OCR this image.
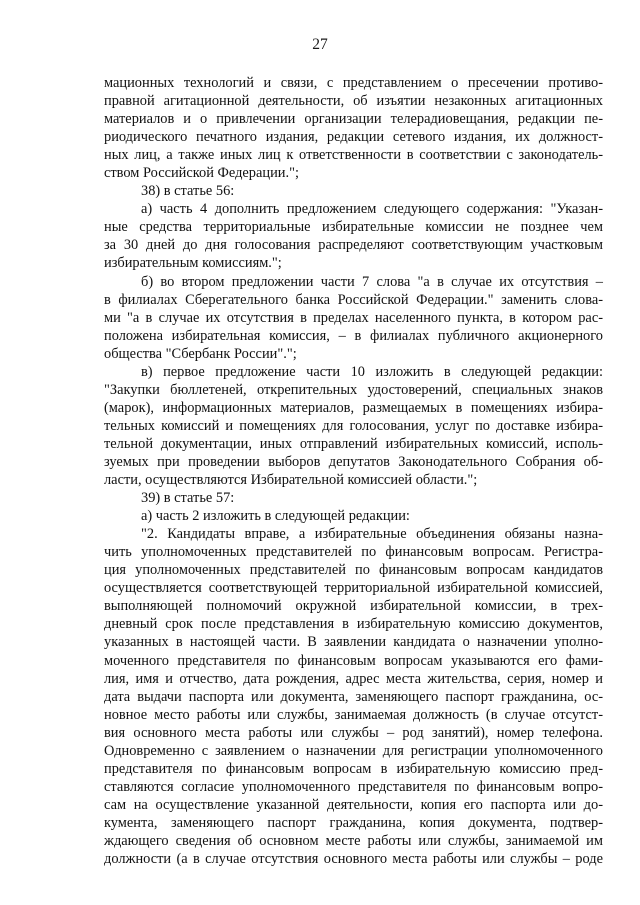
27

мационных технологий и связи, с представлением о пресечении противо-

правной агитационной деятельности, об изъятии незаконных агитационных

материалов и о привлечении организации телерадиовещания, редакции пе-

риодического печатного издания, редакции сетевого издания, их должност-

ных лиц, а также иных лиц к ответственности в соответствии с законодатель-

ством Российской Федерации.";

38) в статье 56:

а) часть 4 дополнить предложением следующего содержания: "Указан-

ные средства территориальные избирательные комиссии не позднее чем

за 30 дней до дня голосования распределяют соответствующим участковым

избирательным комиссиям.";

б) во втором предложении части 7 слова "а в случае их отсутствия –

в филиалах Сберегательного банка Российской Федерации." заменить слова-

ми "а в случае их отсутствия в пределах населенного пункта, в котором рас-

положена избирательная комиссия, – в филиалах публичного акционерного

общества "Сбербанк России".";

в) первое предложение части 10 изложить в следующей редакции:

"Закупки бюллетеней, открепительных удостоверений, специальных знаков

(марок), информационных материалов, размещаемых в помещениях избира-

тельных комиссий и помещениях для голосования, услуг по доставке избира-

тельной документации, иных отправлений избирательных комиссий, исполь-

зуемых при проведении выборов депутатов Законодательного Собрания об-

ласти, осуществляются Избирательной комиссией области.";

39) в статье 57:

а) часть 2 изложить в следующей редакции:

"2. Кандидаты вправе, а избирательные объединения обязаны назна-

чить уполномоченных представителей по финансовым вопросам. Регистра-

ция уполномоченных представителей по финансовым вопросам кандидатов

осуществляется соответствующей территориальной избирательной комиссией,

выполняющей полномочий окружной избирательной комиссии, в трех-

дневный срок после представления в избирательную комиссию документов,

указанных в настоящей части. В заявлении кандидата о назначении уполно-

моченного представителя по финансовым вопросам указываются его фами-

лия, имя и отчество, дата рождения, адрес места жительства, серия, номер и

дата выдачи паспорта или документа, заменяющего паспорт гражданина, ос-

новное место работы или службы, занимаемая должность (в случае отсутст-

вия основного места работы или службы – род занятий), номер телефона.

Одновременно с заявлением о назначении для регистрации уполномоченного

представителя по финансовым вопросам в избирательную комиссию пред-

ставляются согласие уполномоченного представителя по финансовым вопро-

сам на осуществление указанной деятельности, копия его паспорта или до-

кумента, заменяющего паспорт гражданина, копия документа, подтвер-

ждающего сведения об основном месте работы или службы, занимаемой им

должности (а в случае отсутствия основного места работы или службы – роде
